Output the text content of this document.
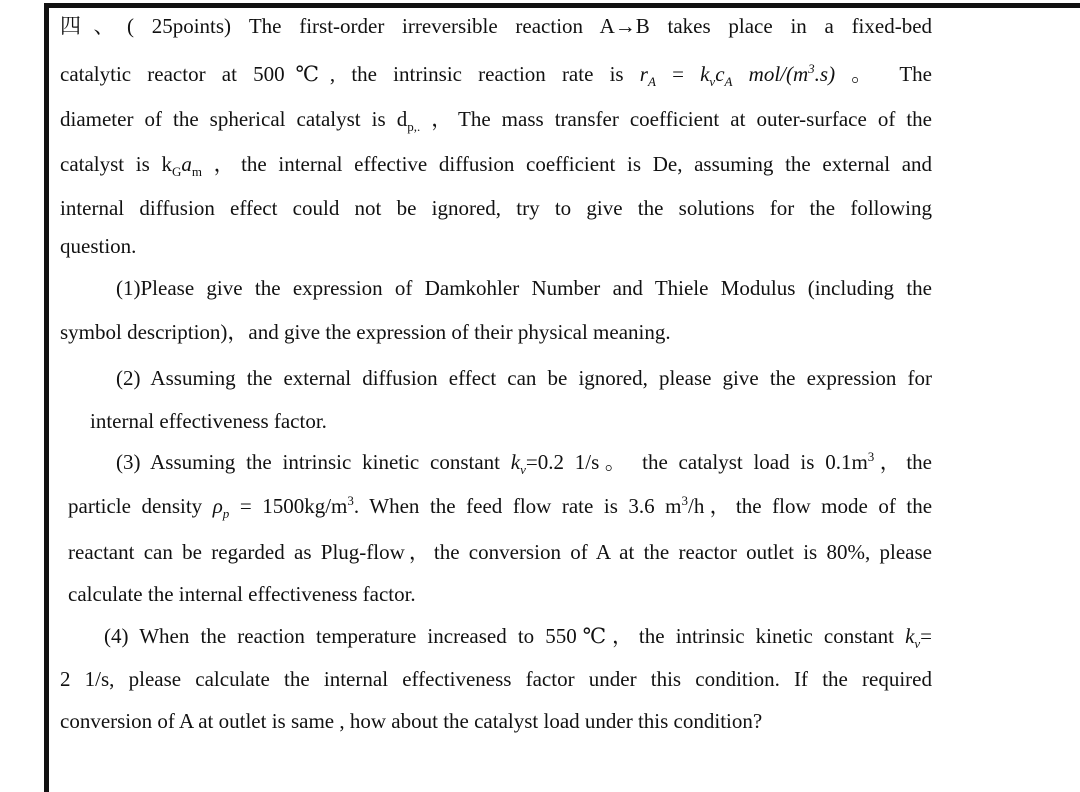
四、( 25points) The first-order irreversible reaction A→B takes place in a fixed-bed
catalytic reactor at 500℃, the intrinsic reaction rate is $r_A = k_vc_A$ mol/$(m^3.s)$ 。 The
diameter of the spherical catalyst is $d_{p,.}$ ，The mass transfer coefficient at outer-surface of the
catalyst is $k_Ga_m$ ，the internal effective diffusion coefficient is De, assuming the external and
internal diffusion effect could not be ignored, try to give the solutions for the following
question.
(1)Please give the expression of Damkohler Number and Thiele Modulus (including the
symbol description)，and give the expression of their physical meaning.
(2) Assuming the external diffusion effect can be ignored, please give the expression for
internal effectiveness factor.
(3) Assuming the intrinsic kinetic constant $k_v=0.2$ 1/s。 the catalyst load is $0.1m^3$，the
particle density $\rho_p = 1500kg/m^3$. When the feed flow rate is 3.6 $m^3/h$，the flow mode of the
reactant can be regarded as Plug-flow，the conversion of A at the reactor outlet is 80%, please
calculate the internal effectiveness factor.
(4) When the reaction temperature increased to 550℃，the intrinsic kinetic constant $k_v=$
2 1/s, please calculate the internal effectiveness factor under this condition. If the required
conversion of A at outlet is same , how about the catalyst load under this condition?
